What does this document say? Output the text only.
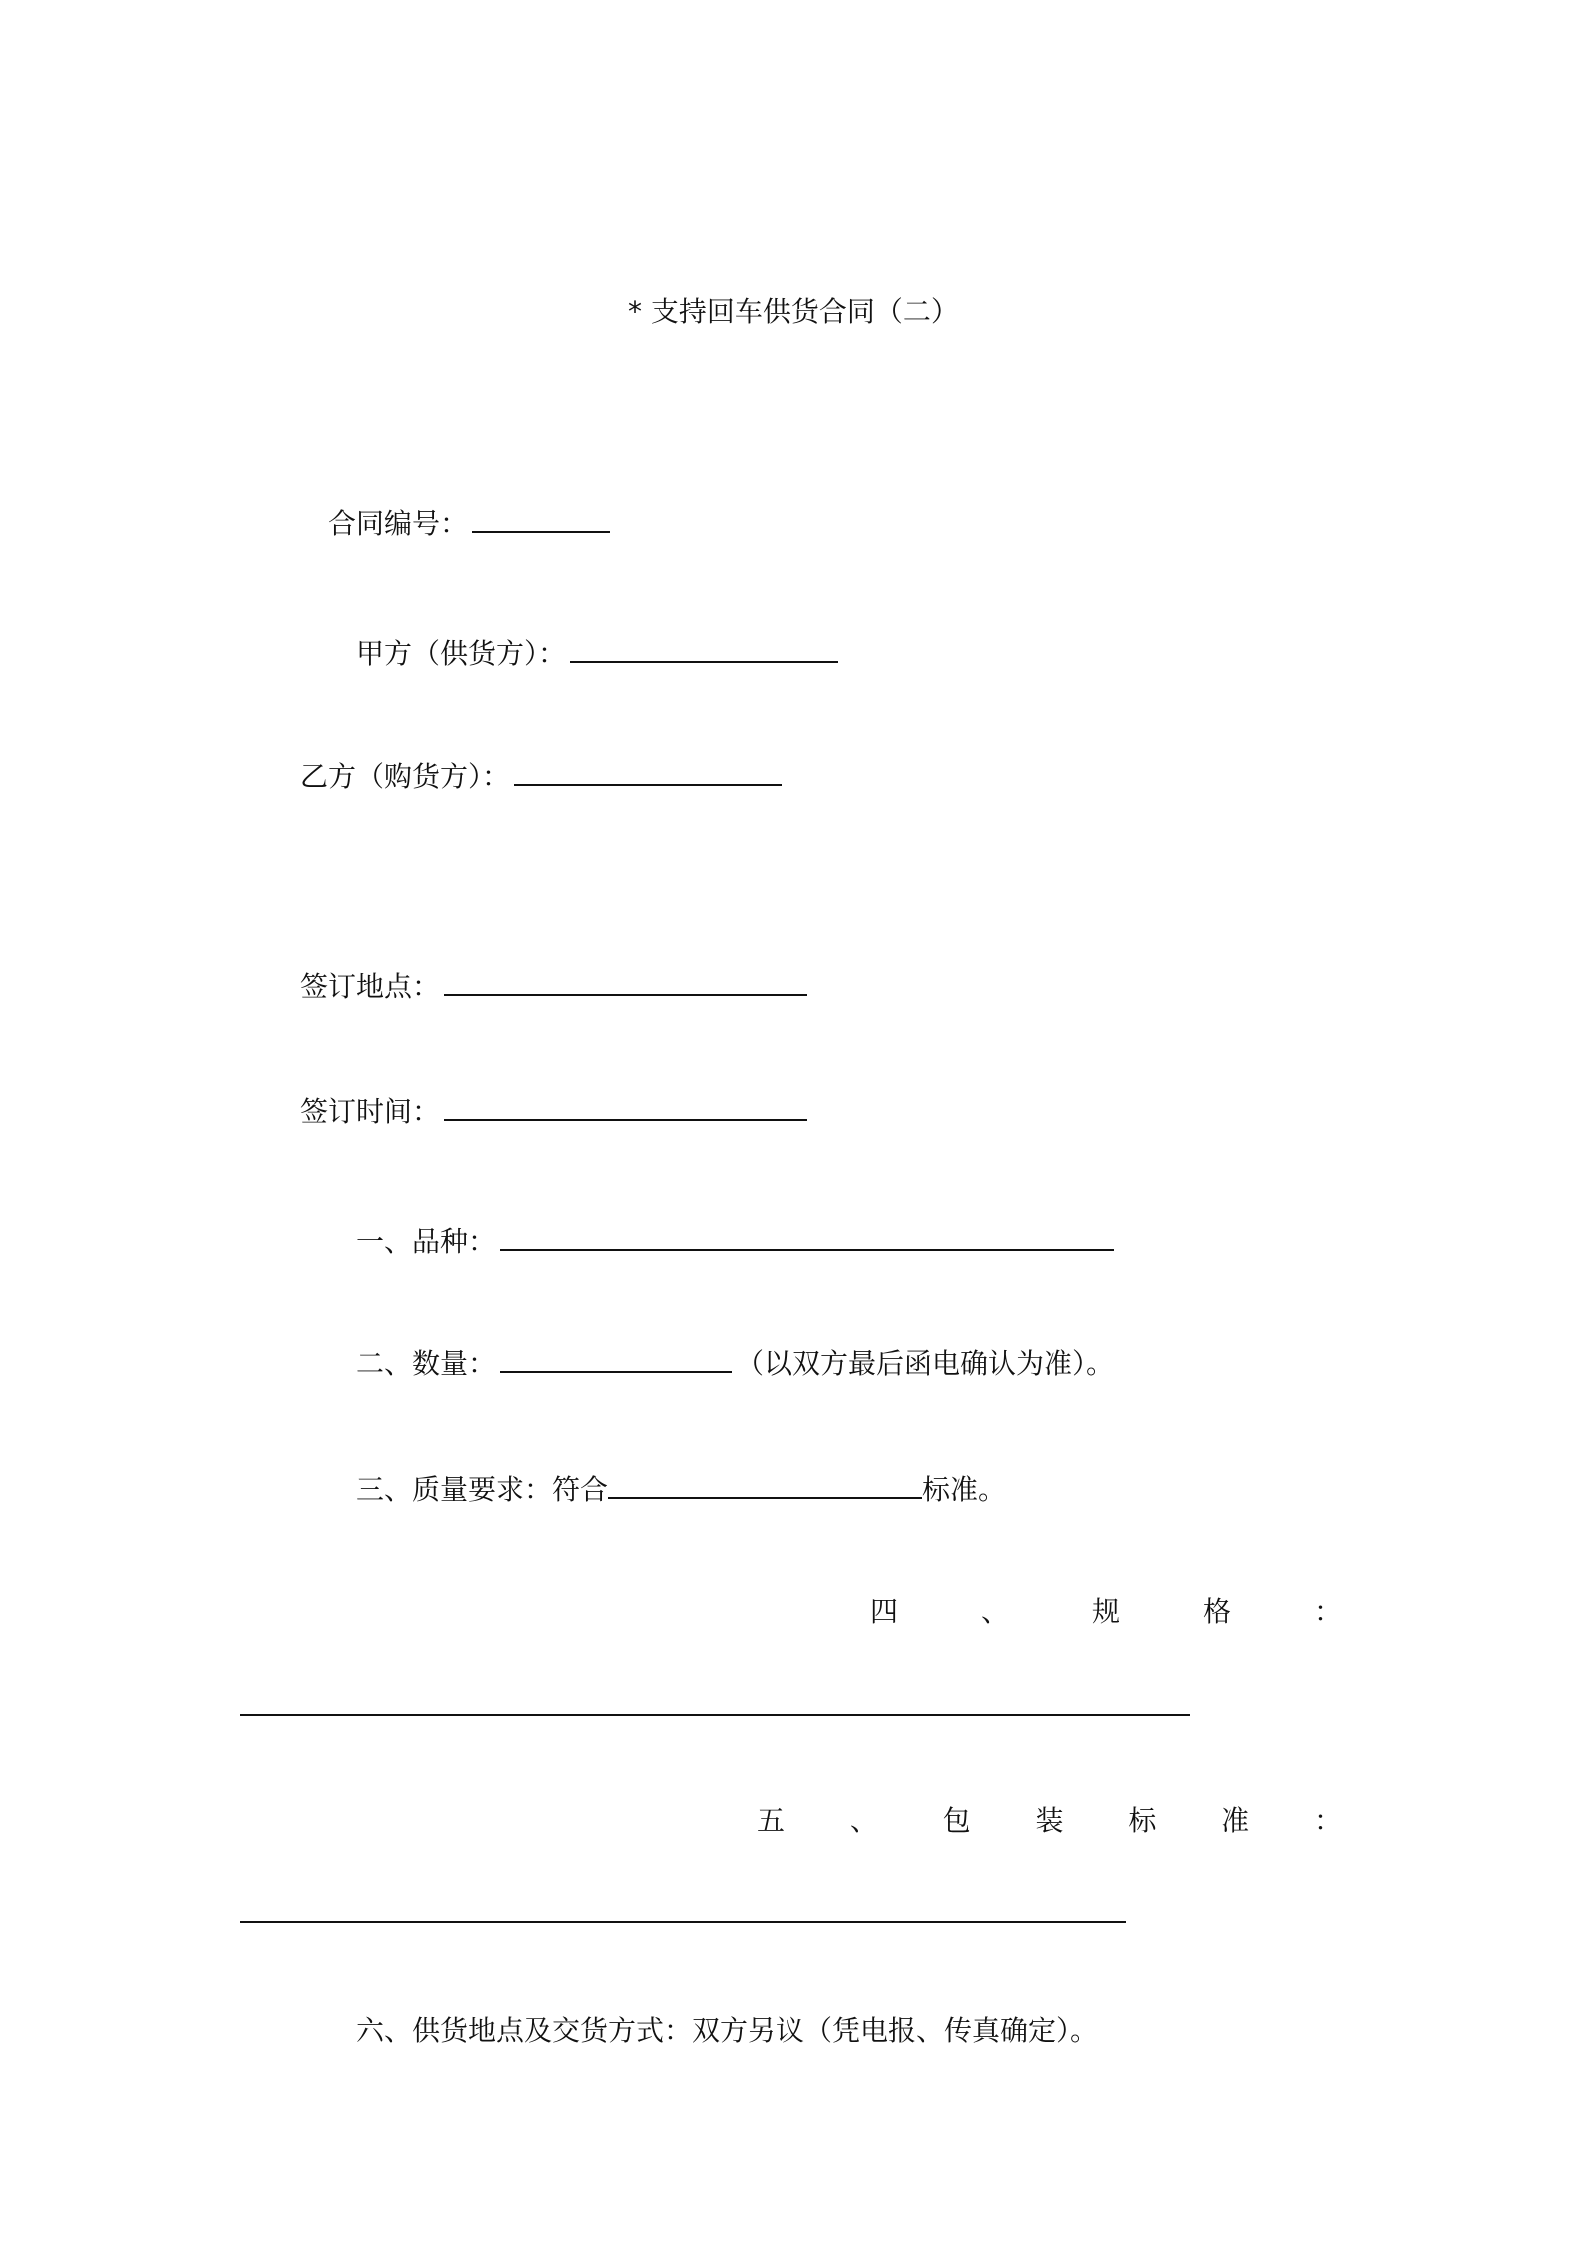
* 支持回车供货合同（二）
合同编号：
甲方（供货方）：
乙方（购货方）：
签订地点：
签订时间：
一、品种：
二、数量：	（以双方最后函电确认为准）。
三、质量要求：符合	标准。
四	、	规	格	：
五 、 包 装 标 准 ：
六、供货地点及交货方式：双方另议（凭电报、传真确定）。
